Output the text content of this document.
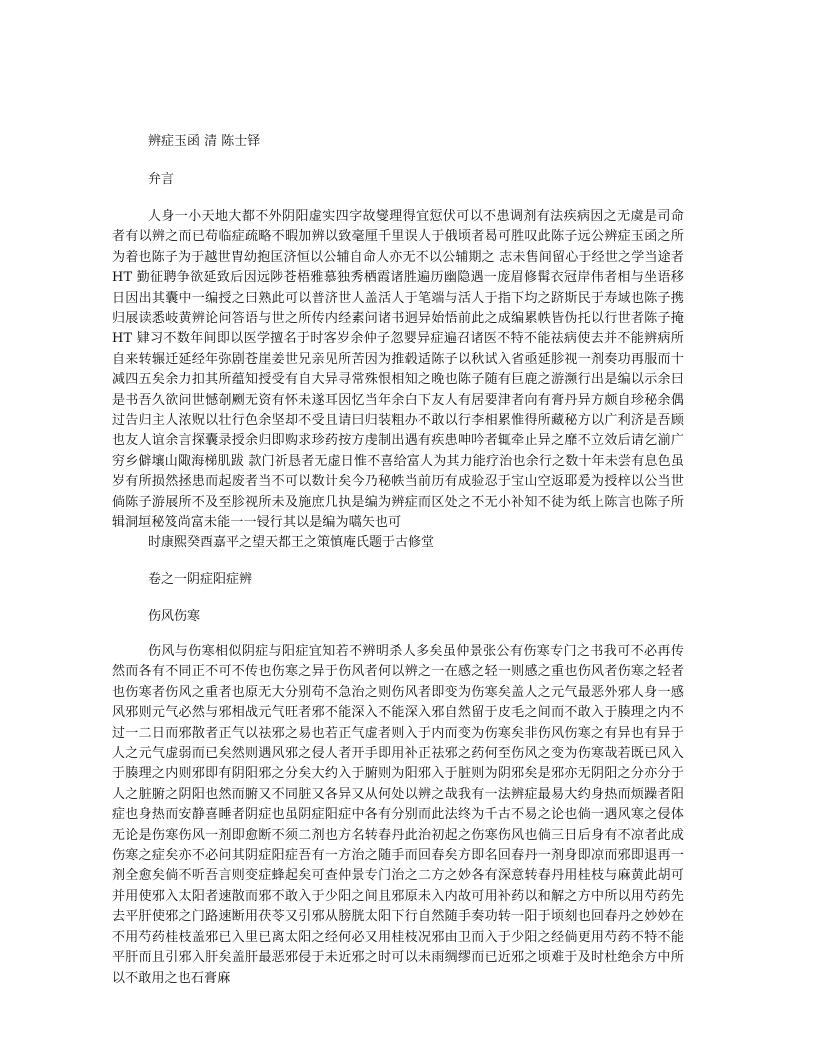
辨症玉函 清 陈士铎

弁言

人身一小天地大都不外阴阳虚实四字故燮理得宜愆伏可以不患调剂有法疾病因之无虞是司命者有以辨之而已苟临症疏略不暇加辨以致毫厘千里误人于俄顷者曷可胜叹此陈子远公辨症玉函之所为着也陈子为于越世胄幼抱匡济恒以公辅自命人亦无不以公辅期之 志未售间留心于经世之学当途者 HT 勤征聘争欲延致后因远陟苍梧雅慕独秀栖霞诸胜遍历幽隐遇一庞眉修髯衣冠岸伟者相与坐语移日因出其囊中一编授之曰熟此可以普济世人盖活人于笔端与活人于指下均之跻斯民于寿域也陈子携归展读悉岐黄辨论问答语与世之所传内经素问诸书迥异始悟前此之成编累帙皆伪托以行世者陈子掩 HT 肄习不数年间即以医学擅名于时客岁余仲子忽婴异症遍召诸医不特不能祛病使去并不能辨病所自来转辗迁延经年弥剧苍崖姜世兄亲见所苦因为推毂适陈子以秋试入省亟延胗视一剂奏功再服而十减四五矣余力扣其所蕴知授受有自大异寻常殊恨相知之晚也陈子随有巨鹿之游濒行出是编以示余曰是书吾久欲问世憾剞劂无资有怀未遂耳因忆当年余白下友人有居要津者向有膏丹异方颇自珍秘余偶过告归主人浓贶以壮行色余坚却不受且请曰归装粗办不敢以行李相累惟得所藏秘方以广利济是吾顾也友人谊余言探囊录授余归即购求珍药按方虔制出遇有疾患呻吟者辄牵止异之靡不立效后请乞湔广穷乡僻壤山陬海梯肌跋 款门祈恳者无虚日惟不喜给富人为其力能疗治也余行之数十年未尝有息色虽岁有所损然拯患而起废者当不可以数计矣今乃秘帙当前历有成验忍于宝山空返耶爰为授梓以公当世倘陈子游展所不及至胗视所未及施庶几执是编为辨症而区处之不无小补知不徒为纸上陈言也陈子所辑洞垣秘笈尚富未能一一锓行其以是编为嚆矢也可

时康熙癸酉嘉平之望天都王之策慎庵氏题于古修堂

卷之一阴症阳症辨

伤风伤寒

伤风与伤寒相似阴症与阳症宜知若不辨明杀人多矣虽仲景张公有伤寒专门之书我可不必再传然而各有不同正不可不传也伤寒之异于伤风者何以辨之一在感之轻一则感之重也伤风者伤寒之轻者也伤寒者伤风之重者也原无大分别苟不急治之则伤风者即变为伤寒矣盖人之元气最恶外邪人身一感风邪则元气必然与邪相战元气旺者邪不能深入不能深入邪自然留于皮毛之间而不敢入于腠理之内不过一二日而邪散者正气以祛邪之易也若正气虚者则入于内而变为伤寒矣非伤风伤寒之有异也有异于人之元气虚弱而已矣然则遇风邪之侵人者开手即用补正祛邪之药何至伤风之变为伤寒哉若既已风入于腠理之内则邪即有阴阳邪之分矣大约入于腑则为阳邪入于脏则为阴邪矣是邪亦无阴阳之分亦分于人之脏腑之阴阳也然而腑又不同脏又各异又从何处以辨之哉我有一法辨症最易大约身热而烦躁者阳症也身热而安静喜睡者阴症也虽阴症阳症中各有分别而此法终为千古不易之论也倘一遇风寒之侵体无论是伤寒伤风一剂即愈断不须二剂也方名转春丹此治初起之伤寒伤风也倘三日后身有不凉者此成伤寒之症矣亦不必问其阴症阳症吾有一方治之随手而回春矣方即名回春丹一剂身即凉而邪即退再一剂全愈矣倘不听吾言则变症蜂起矣可查仲景专门治之二方之妙各有深意转春丹用桂枝与麻黄此胡可并用使邪入太阳者速散而邪不敢入于少阳之间且邪原未入内故可用补药以和解之方中所以用芍药先去平肝使邪之门路速断用茯苓又引邪从膀胱太阳下行自然随手奏功转一阳于顷刻也回春丹之妙妙在不用芍药桂枝盖邪已入里已离太阳之经何必又用桂枝况邪由卫而入于少阳之经倘更用芍药不特不能平肝而且引邪入肝矣盖肝最恶邪侵于未近邪之时可以未雨绸缪而已近邪之顷难于及时杜绝余方中所以不敢用之也石膏麻
